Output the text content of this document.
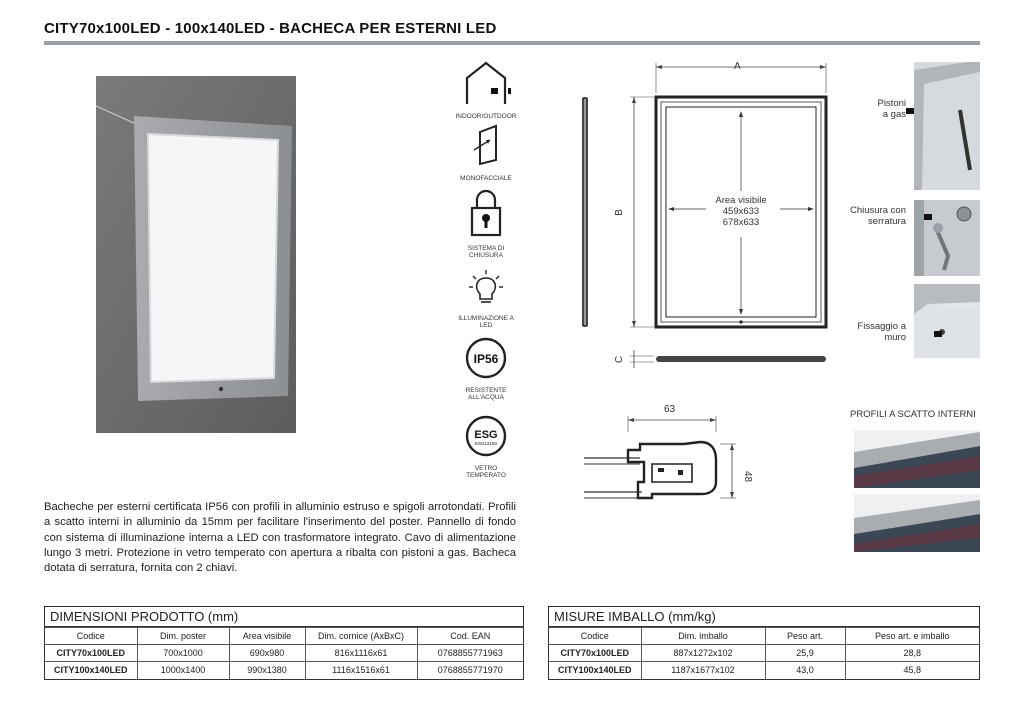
CITY70x100LED - 100x140LED - BACHECA PER ESTERNI LED
INDOOR/OUTDOOR
MONOFACCIALE
SISTEMA DI CHIUSURA
ILLUMINAZIONE A LED
IP56
RESISTENTE ALL'ACQUA
ESG
ESG12150
VETRO TEMPERATO
A
B
C
Area visibile
459x633
678x633
63
48
Pistoni
a gas
Chiusura con
serratura
Fissaggio a
muro
PROFILI A SCATTO INTERNI
Bacheche per esterni certificata IP56 con profili in alluminio estruso e spigoli arrotondati. Profili a scatto interni in alluminio da 15mm per facilitare l'inserimento del poster. Pannello di fondo con sistema di illuminazione interna a LED con trasformatore integrato. Cavo di alimentazione lungo 3 metri. Protezione in vetro temperato con apertura a ribalta con pistoni a gas. Bacheca dotata di serratura, fornita con 2 chiavi.
DIMENSIONI PRODOTTO (mm)
Codice	Dim. poster	Area visibile	Dim. cornice (AxBxC)	Cod. EAN
CITY70x100LED	700x1000	690x980	816x1116x61	0768855771963
CITY100x140LED	1000x1400	990x1380	1116x1516x61	0768855771970
MISURE IMBALLO (mm/kg)
Codice	Dim. imballo	Peso art.	Peso art. e imballo
CITY70x100LED	887x1272x102	25,9	28,8
CITY100x140LED	1187x1677x102	43,0	45,8
